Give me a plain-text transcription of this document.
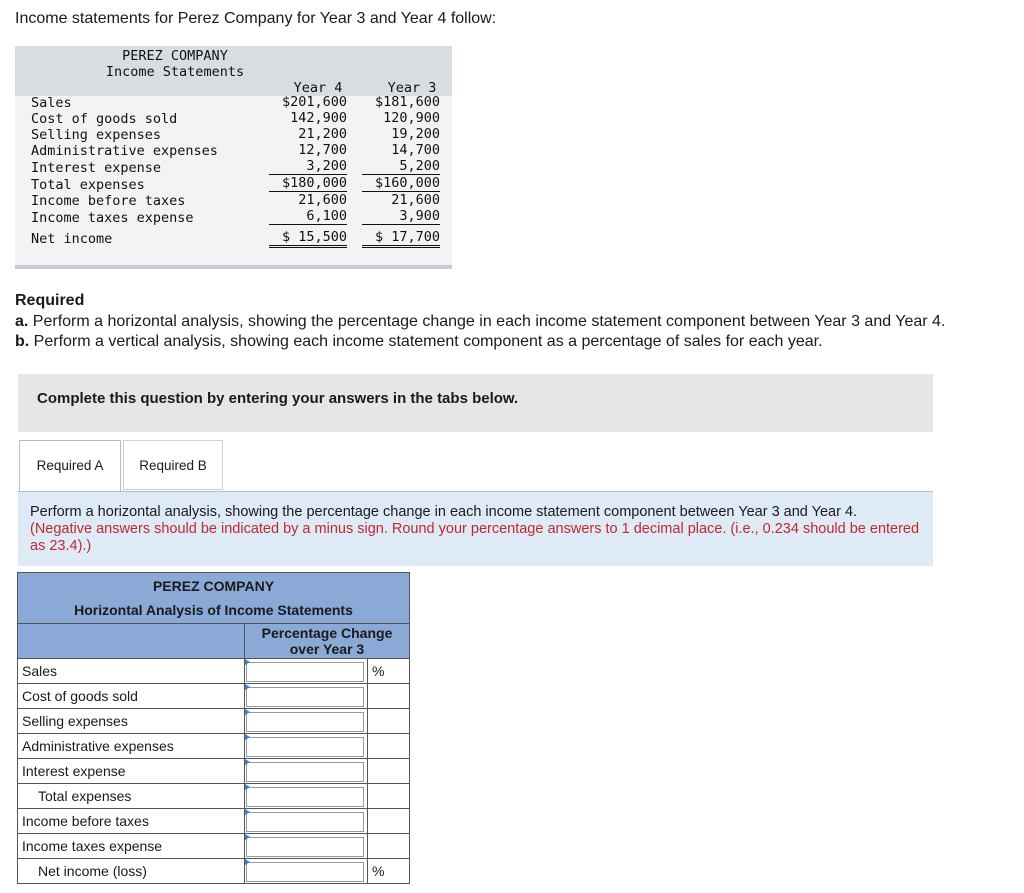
Income statements for Perez Company for Year 3 and Year 4 follow:
PEREZ COMPANY
Income Statements
Year 4	Year 3
Sales	$201,600	$181,600
Cost of goods sold	142,900	120,900
Selling expenses	21,200	19,200
Administrative expenses	12,700	14,700
Interest expense	3,200	5,200
Total expenses	$180,000	$160,000
Income before taxes	21,600	21,600
Income taxes expense	6,100	3,900
Net income	$ 15,500	$ 17,700
Required
a. Perform a horizontal analysis, showing the percentage change in each income statement component between Year 3 and Year 4.
b. Perform a vertical analysis, showing each income statement component as a percentage of sales for each year.
Complete this question by entering your answers in the tabs below.
Required A	Required B
Perform a horizontal analysis, showing the percentage change in each income statement component between Year 3 and Year 4. (Negative answers should be indicated by a minus sign. Round your percentage answers to 1 decimal place. (i.e., 0.234 should be entered as 23.4).)
PEREZ COMPANY
Horizontal Analysis of Income Statements		

	Percentage Change
over Year 3	

Sales		%
Cost of goods sold		
Selling expenses		
Administrative expenses		
Interest expense		
Total expenses		
Income before taxes		
Income taxes expense		
Net income (loss)		%
